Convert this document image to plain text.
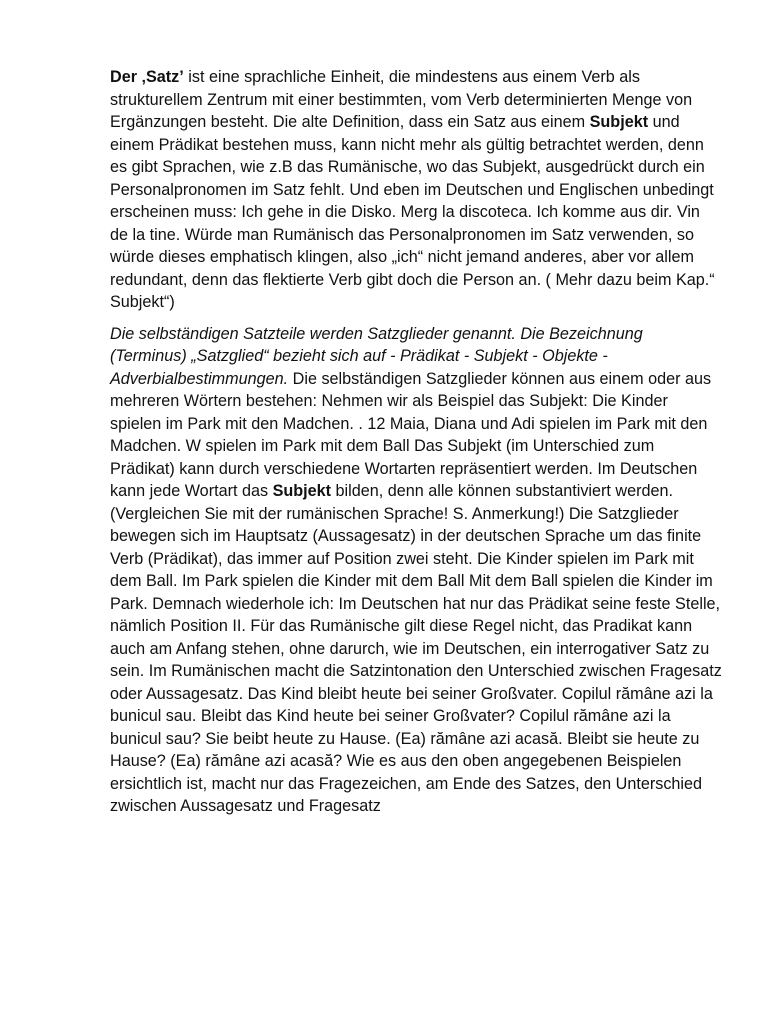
Der ‚Satz’ ist eine sprachliche Einheit, die mindestens aus einem Verb als strukturellem Zentrum mit einer bestimmten, vom Verb determinierten Menge von Ergänzungen besteht. Die alte Definition, dass ein Satz aus einem Subjekt und einem Prädikat bestehen muss, kann nicht mehr als gültig betrachtet werden, denn es gibt Sprachen, wie z.B das Rumänische, wo das Subjekt, ausgedrückt durch ein Personalpronomen im Satz fehlt. Und eben im Deutschen und Englischen unbedingt erscheinen muss: Ich gehe in die Disko. Merg la discoteca. Ich komme aus dir. Vin de la tine. Würde man Rumänisch das Personalpronomen im Satz verwenden, so würde dieses emphatisch klingen, also „ich“ nicht jemand anderes, aber vor allem redundant, denn das flektierte Verb gibt doch die Person an. ( Mehr dazu beim Kap.“ Subjekt“)

Die selbständigen Satzteile werden Satzglieder genannt. Die Bezeichnung (Terminus) „Satzglied“ bezieht sich auf - Prädikat - Subjekt - Objekte - Adverbialbestimmungen. Die selbständigen Satzglieder können aus einem oder aus mehreren Wörtern bestehen: Nehmen wir als Beispiel das Subjekt: Die Kinder spielen im Park mit den Madchen. . 12 Maia, Diana und Adi spielen im Park mit den Madchen. W spielen im Park mit dem Ball Das Subjekt (im Unterschied zum Prädikat) kann durch verschiedene Wortarten repräsentiert werden. Im Deutschen kann jede Wortart das Subjekt bilden, denn alle können substantiviert werden. (Vergleichen Sie mit der rumänischen Sprache! S. Anmerkung!) Die Satzglieder bewegen sich im Hauptsatz (Aussagesatz) in der deutschen Sprache um das finite Verb (Prädikat), das immer auf Position zwei steht. Die Kinder spielen im Park mit dem Ball. Im Park spielen die Kinder mit dem Ball Mit dem Ball spielen die Kinder im Park. Demnach wiederhole ich: Im Deutschen hat nur das Prädikat seine feste Stelle, nämlich Position II. Für das Rumänische gilt diese Regel nicht, das Pradikat kann auch am Anfang stehen, ohne darurch, wie im Deutschen, ein interrogativer Satz zu sein. Im Rumänischen macht die Satzintonation den Unterschied zwischen Fragesatz oder Aussagesatz. Das Kind bleibt heute bei seiner Großvater. Copilul rămâne azi la bunicul sau. Bleibt das Kind heute bei seiner Großvater? Copilul rămâne azi la bunicul sau? Sie beibt heute zu Hause. (Ea) rămâne azi acasă. Bleibt sie heute zu Hause? (Ea) rămâne azi acasă? Wie es aus den oben angegebenen Beispielen ersichtlich ist, macht nur das Fragezeichen, am Ende des Satzes, den Unterschied zwischen Aussagesatz und Fragesatz
